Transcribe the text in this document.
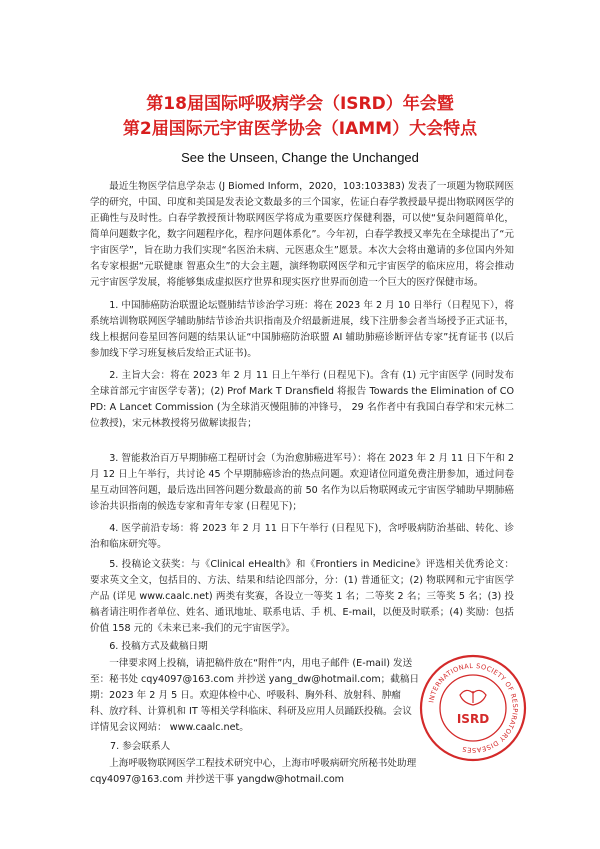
第18届国际呼吸病学会（ISRD）年会暨
第2届国际元宇宙医学协会（IAMM）大会特点

See the Unseen, Change the Unchanged

最近生物医学信息学杂志 (J Biomed Inform，2020，103:103383) 发表了一项题为物联网医学的研究，中国、印度和美国是发表论文数最多的三个国家，佐证白春学教授最早提出物联网医学的正确性与及时性。白春学教授预计物联网医学将成为重要医疗保健利器，可以使“复杂问题简单化，简单问题数字化，数字问题程序化，程序问题体系化”。今年初，白春学教授又率先在全球提出了“元宇宙医学”，旨在助力我们实现“名医治未病、元医惠众生”愿景。本次大会将由邀请的多位国内外知名专家根据“元联健康 智惠众生”的大会主题，演绎物联网医学和元宇宙医学的临床应用，将会推动元宇宙医学发展，将能够集成虚拟医疗世界和现实医疗世界而创造一个巨大的医疗保健市场。

1. 中国肺癌防治联盟论坛暨肺结节诊治学习班：将在 2023 年 2 月 10 日举行（日程见下），将系统培训物联网医学辅助肺结节诊治共识指南及介绍最新进展，线下注册参会者当场授予正式证书，线上根据问卷星回答问题的结果认证“中国肺癌防治联盟 AI 辅助肺癌诊断评估专家”抚育证书 (以后参加线下学习班复核后发给正式证书)。

2. 主旨大会：将在 2023 年 2 月 11 日上午举行 (日程见下)。含有 (1) 元宇宙医学 (同时发布全球首部元宇宙医学专著)；(2) Prof Mark T Dransfield 将报告 Towards the Elimination of COPD: A Lancet Commission (为全球消灭慢阻肺的冲锋号， 29 名作者中有我国白春学和宋元林二位教授)，宋元林教授将另做解读报告；

3. 智能救治百万早期肺癌工程研讨会（为治愈肺癌进军号）：将在 2023 年 2 月 11 日下午和 2 月 12 日上午举行，共讨论 45 个早期肺癌诊治的热点问题。欢迎诸位同道免费注册参加，通过问卷星互动回答问题，最后选出回答问题分数最高的前 50 名作为以后物联网或元宇宙医学辅助早期肺癌诊治共识指南的候选专家和青年专家 (日程见下)；

4. 医学前沿专场：将 2023 年 2 月 11 日下午举行 (日程见下)，含呼吸病防治基础、转化、诊治和临床研究等。

5. 投稿论文获奖：与《Clinical eHealth》和《Frontiers in Medicine》评选相关优秀论文：要求英文全文，包括目的、方法、结果和结论四部分，分：(1) 普通征文；(2) 物联网和元宇宙医学产品 (详见 www.caalc.net) 两类有奖赛，各设立一等奖 1 名；二等奖 2 名；三等奖 5 名；(3) 投稿者请注明作者单位、姓名、通讯地址、联系电话、手 机、E-mail，以便及时联系；(4) 奖励：包括价值 158 元的《未来已来-我们的元宇宙医学》。

6. 投稿方式及截稿日期

一律要求网上投稿，请把稿件放在“附件”内，用电子邮件 (E-mail) 发送至：秘书处 cqy4097@163.com 并抄送 yang_dw@hotmail.com；截稿日期：2023 年 2 月 5 日。欢迎体检中心、呼吸科、胸外科、放射科、肿瘤科、放疗科、计算机和 IT 等相关学科临床、科研及应用人员踊跃投稿。会议详情见会议网站： www.caalc.net。

7. 参会联系人

上海呼吸物联网医学工程技术研究中心，上海市呼吸病研究所秘书处助理 cqy4097@163.com 并抄送干事 yangdw@hotmail.com

INTERNATIONAL SOCIETY OF RESPIRATORY DISEASES
ISRD
